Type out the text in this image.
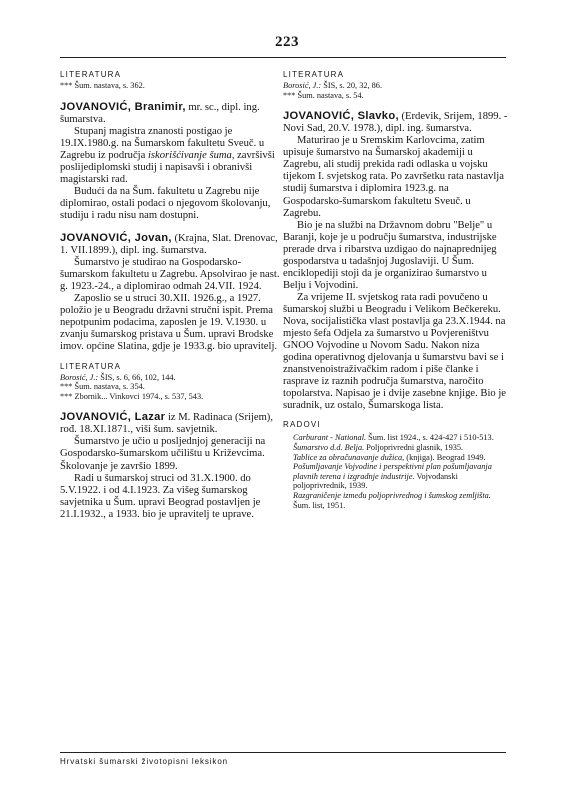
223
LITERATURA
*** Šum. nastava, s. 362.
JOVANOVIĆ, Branimir, mr. sc., dipl. ing. šumarstva.
Stupanj magistra znanosti postigao je 19.IX.1980.g. na Šumarskom fakultetu Sveuč. u Zagrebu iz područja iskorišćivanje šuma, završivši poslijediplomski studij i napisavši i obranivši magistarski rad.
Budući da na Šum. fakultetu u Zagrebu nije diplomirao, ostali podaci o njegovom školovanju, studiju i radu nisu nam dostupni.
JOVANOVIĆ, Jovan, (Krajna, Slat. Drenovac, 1. VII.1899.), dipl. ing. šumarstva.
Šumarstvo je studirao na Gospodarsko-šumarskom fakultetu u Zagrebu. Apsolvirao je nast. g. 1923.-24., a diplomirao odmah 24.VII. 1924.
Zaposlio se u struci 30.XII. 1926.g., a 1927. položio je u Beogradu državni stručni ispit. Prema nepotpunim podacima, zaposlen je 19. V.1930. u zvanju šumarskog pristava u Šum. upravi Brodske imov. općine Slatina, gdje je 1933.g. bio upravitelj.
LITERATURA
Borosić, J.: ŠIS, s. 6, 66, 102, 144.
*** Šum. nastava, s. 354.
*** Zbornik... Vinkovci 1974., s. 537, 543.
JOVANOVIĆ, Lazar iz M. Radinaca (Srijem), rođ. 18.XI.1871., viši šum. savjetnik.
Šumarstvo je učio u posljednjoj generaciji na Gospodarsko-šumarskom učilištu u Križevcima. Školovanje je završio 1899.
Radi u šumarskoj struci od 31.X.1900. do 5.V.1922. i od 4.I.1923. Za višeg šumarskog savjetnika u Šum. upravi Beograd postavljen je 21.I.1932., a 1933. bio je upravitelj te uprave.
LITERATURA
Borosić, J.: ŠIS, s. 20, 32, 86.
*** Šum. nastava, s. 54.
JOVANOVIĆ, Slavko, (Erdevik, Srijem, 1899. - Novi Sad, 20.V. 1978.), dipl. ing. šumarstva.
Maturirao je u Sremskim Karlovcima, zatim upisuje šumarstvo na Šumarskoj akademiji u Zagrebu, ali studij prekida radi odlaska u vojsku tijekom I. svjetskog rata. Po završetku rata nastavlja studij šumarstva i diplomira 1923.g. na Gospodarsko-šumarskom fakultetu Sveuč. u Zagrebu.
Bio je na službi na Državnom dobru "Belje" u Baranji, koje je u području šumarstva, industrijske prerade drva i ribarstva uzdigao do najnaprednijeg gospodarstva u tadašnjoj Jugoslaviji. U Šum. enciklopediji stoji da je organizirao šumarstvo u Belju i Vojvodini.
Za vrijeme II. svjetskog rata radi povučeno u šumarskoj službi u Beogradu i Velikom Bečkereku. Nova, socijalistička vlast postavlja ga 23.X.1944. na mjesto šefa Odjela za šumarstvo u Povjereništvu GNOO Vojvodine u Novom Sadu. Nakon niza godina operativnog djelovanja u šumarstvu bavi se i znanstvenoistraživačkim radom i piše članke i rasprave iz raznih područja šumarstva, naročito topolarstva. Napisao je i dvije zasebne knjige. Bio je suradnik, uz ostalo, Šumarskoga lista.
RADOVI
Carburant - National. Šum. list 1924., s. 424-427 i 510-513.
Šumarstvo d.d. Belja. Poljoprivredni glasnik, 1935.
Tablice za obračunavanje dužica, (knjiga). Beograd 1949.
Pošumljavanje Vojvodine i perspektivni plan pošumljavanja plavnih terena i izgradnje industrije. Vojvođanski poljoprivrednik, 1939.
Razgraničenje između poljoprivrednog i šumskog zemljišta. Šum. list, 1951.
Hrvatski šumarski životopisni leksikon
